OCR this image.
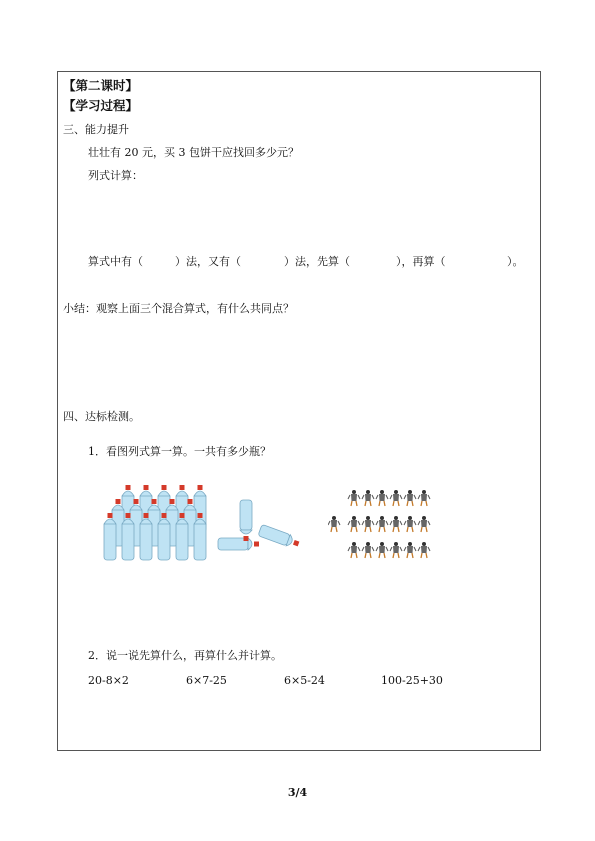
【第二课时】
【学习过程】
三、能力提升
壮壮有 20 元，买 3 包饼干应找回多少元？
列式计算：
算式中有（	）法，又有（	）法，先算（	），再算（	）。
小结：观察上面三个混合算式，有什么共同点？
四、达标检测。
1．看图列式算一算。一共有多少瓶？
2．说一说先算什么，再算什么并计算。
20-8×2	6×7-25	6×5-24	100-25+30
3/4
